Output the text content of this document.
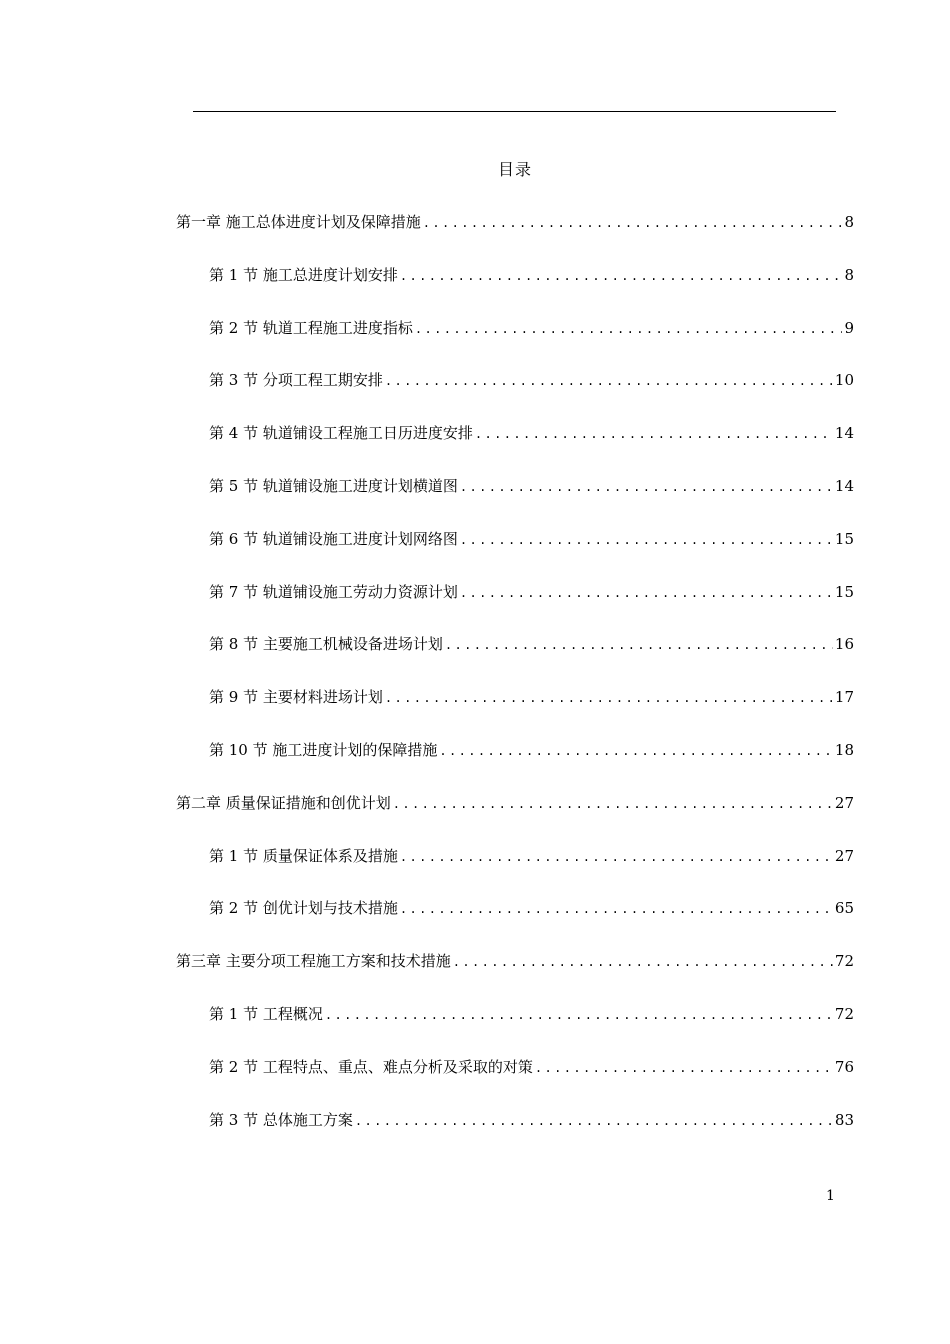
目录
第一章 施工总体进度计划及保障措施 .....	8
第 1 节 施工总进度计划安排 .....	8
第 2 节 轨道工程施工进度指标 .....	9
第 3 节 分项工程工期安排 .....	10
第 4 节 轨道铺设工程施工日历进度安排 .....	14
第 5 节 轨道铺设施工进度计划横道图 .....	14
第 6 节 轨道铺设施工进度计划网络图 .....	15
第 7 节 轨道铺设施工劳动力资源计划 .....	15
第 8 节 主要施工机械设备进场计划 .....	16
第 9 节 主要材料进场计划 .....	17
第 10 节 施工进度计划的保障措施 .....	18
第二章 质量保证措施和创优计划 .....	27
第 1 节 质量保证体系及措施 .....	27
第 2 节 创优计划与技术措施 .....	65
第三章 主要分项工程施工方案和技术措施 .....	72
第 1 节 工程概况 .....	72
第 2 节 工程特点、重点、难点分析及采取的对策 .....	76
第 3 节 总体施工方案 .....	83
1
